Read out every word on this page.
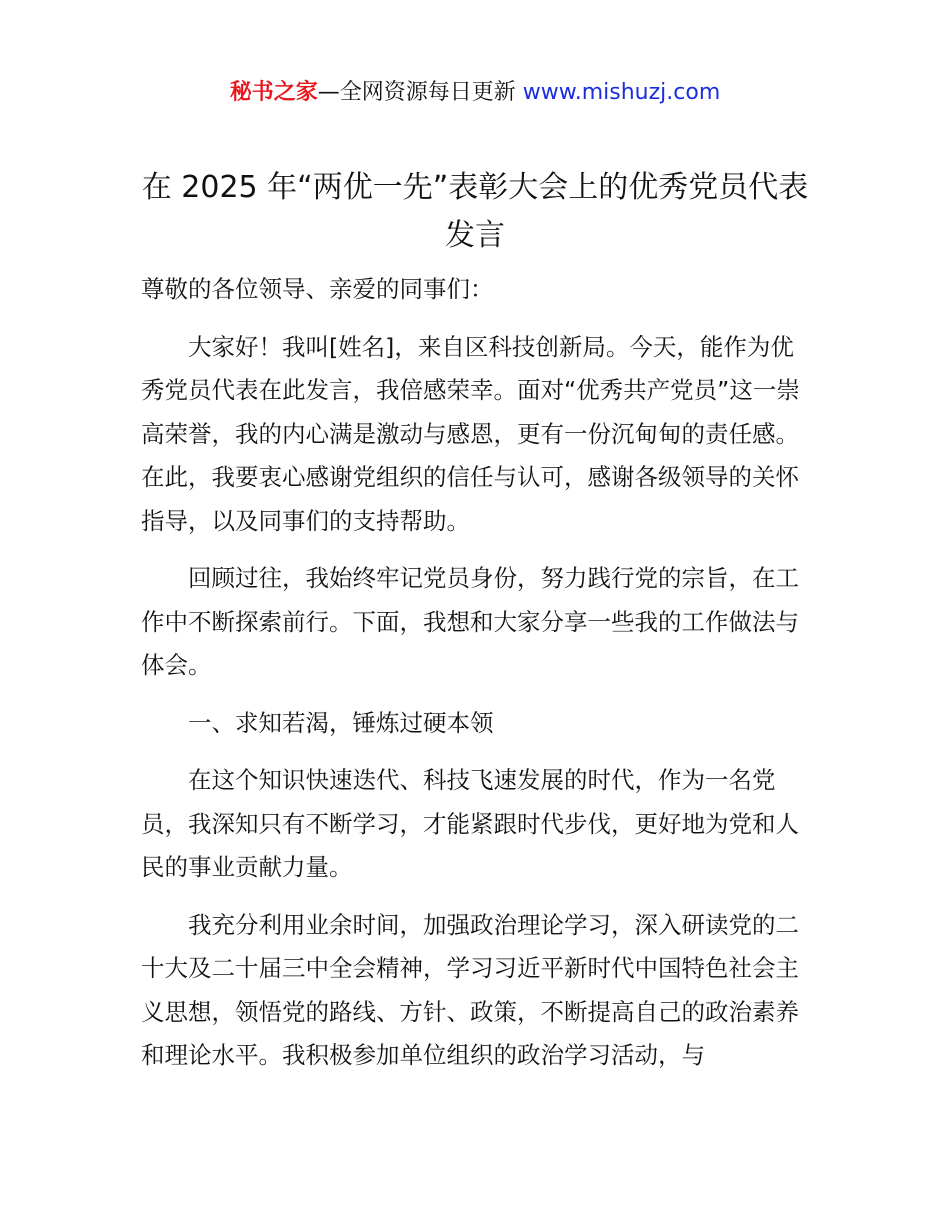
秘书之家—全网资源每日更新 www.mishuzj.com
在 2025 年“两优一先”表彰大会上的优秀党员代表发言

尊敬的各位领导、亲爱的同事们：

大家好！我叫[姓名]，来自区科技创新局。今天，能作为优秀党员代表在此发言，我倍感荣幸。面对“优秀共产党员”这一崇高荣誉，我的内心满是激动与感恩，更有一份沉甸甸的责任感。在此，我要衷心感谢党组织的信任与认可，感谢各级领导的关怀指导，以及同事们的支持帮助。

回顾过往，我始终牢记党员身份，努力践行党的宗旨，在工作中不断探索前行。下面，我想和大家分享一些我的工作做法与体会。

一、求知若渴，锤炼过硬本领

在这个知识快速迭代、科技飞速发展的时代，作为一名党员，我深知只有不断学习，才能紧跟时代步伐，更好地为党和人民的事业贡献力量。

我充分利用业余时间，加强政治理论学习，深入研读党的二十大及二十届三中全会精神，学习习近平新时代中国特色社会主义思想，领悟党的路线、方针、政策，不断提高自己的政治素养和理论水平。我积极参加单位组织的政治学习活动，与
